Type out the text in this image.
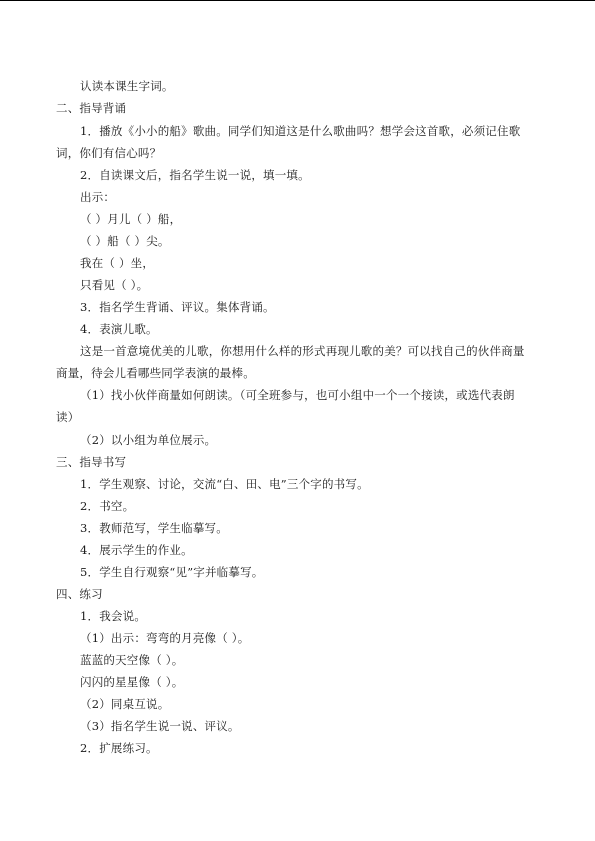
认读本课生字词。
二、指导背诵
1．播放《小小的船》歌曲。同学们知道这是什么歌曲吗？想学会这首歌，必须记住歌
词，你们有信心吗？
2．自读课文后，指名学生说一说，填一填。
出示：
（ ）月儿（ ）船，
（ ）船（ ）尖。
我在（ ）坐，
只看见（ ）。
3．指名学生背诵、评议。集体背诵。
4．表演儿歌。
这是一首意境优美的儿歌，你想用什么样的形式再现儿歌的美？可以找自己的伙伴商量
商量，待会儿看哪些同学表演的最棒。
（1）找小伙伴商量如何朗读。（可全班参与，也可小组中一个一个接读，或选代表朗
读）
（2）以小组为单位展示。
三、指导书写
1．学生观察、讨论，交流“白、田、电”三个字的书写。
2．书空。
3．教师范写，学生临摹写。
4．展示学生的作业。
5．学生自行观察“见”字并临摹写。
四、练习
1．我会说。
（1）出示：弯弯的月亮像（ ）。
蓝蓝的天空像（ ）。
闪闪的星星像（ ）。
（2）同桌互说。
（3）指名学生说一说、评议。
2．扩展练习。
